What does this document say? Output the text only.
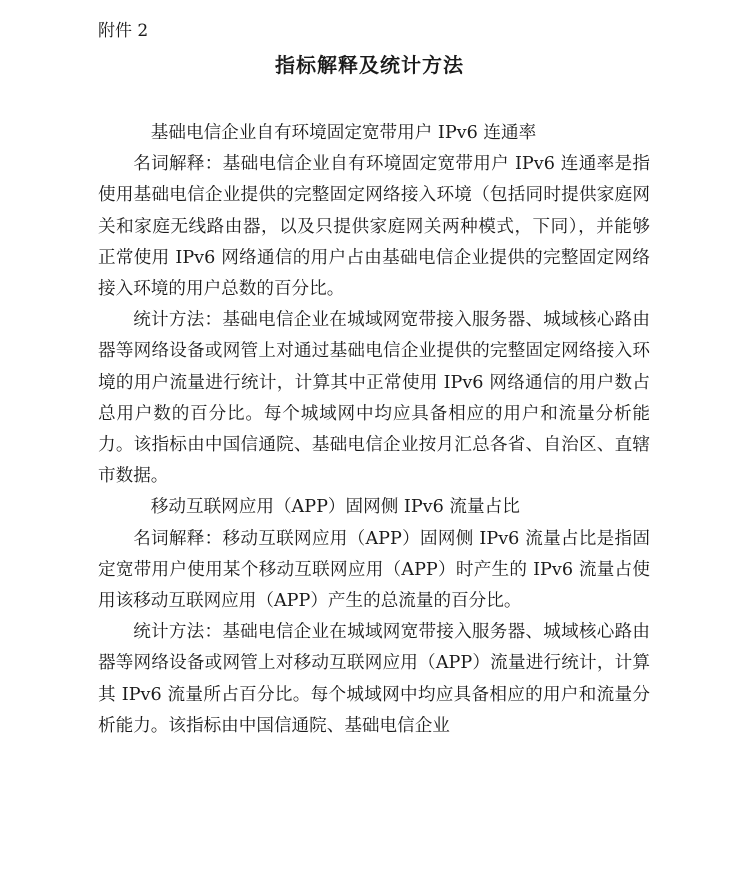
附件 2
指标解释及统计方法

基础电信企业自有环境固定宽带用户 IPv6 连通率

名词解释：基础电信企业自有环境固定宽带用户 IPv6 连通率是指使用基础电信企业提供的完整固定网络接入环境（包括同时提供家庭网关和家庭无线路由器，以及只提供家庭网关两种模式，下同），并能够正常使用 IPv6 网络通信的用户占由基础电信企业提供的完整固定网络接入环境的用户总数的百分比。

统计方法：基础电信企业在城域网宽带接入服务器、城域核心路由器等网络设备或网管上对通过基础电信企业提供的完整固定网络接入环境的用户流量进行统计，计算其中正常使用 IPv6 网络通信的用户数占总用户数的百分比。每个城域网中均应具备相应的用户和流量分析能力。该指标由中国信通院、基础电信企业按月汇总各省、自治区、直辖市数据。

移动互联网应用（APP）固网侧 IPv6 流量占比

名词解释：移动互联网应用（APP）固网侧 IPv6 流量占比是指固定宽带用户使用某个移动互联网应用（APP）时产生的 IPv6 流量占使用该移动互联网应用（APP）产生的总流量的百分比。

统计方法：基础电信企业在城域网宽带接入服务器、城域核心路由器等网络设备或网管上对移动互联网应用（APP）流量进行统计，计算其 IPv6 流量所占百分比。每个城域网中均应具备相应的用户和流量分析能力。该指标由中国信通院、基础电信企业
